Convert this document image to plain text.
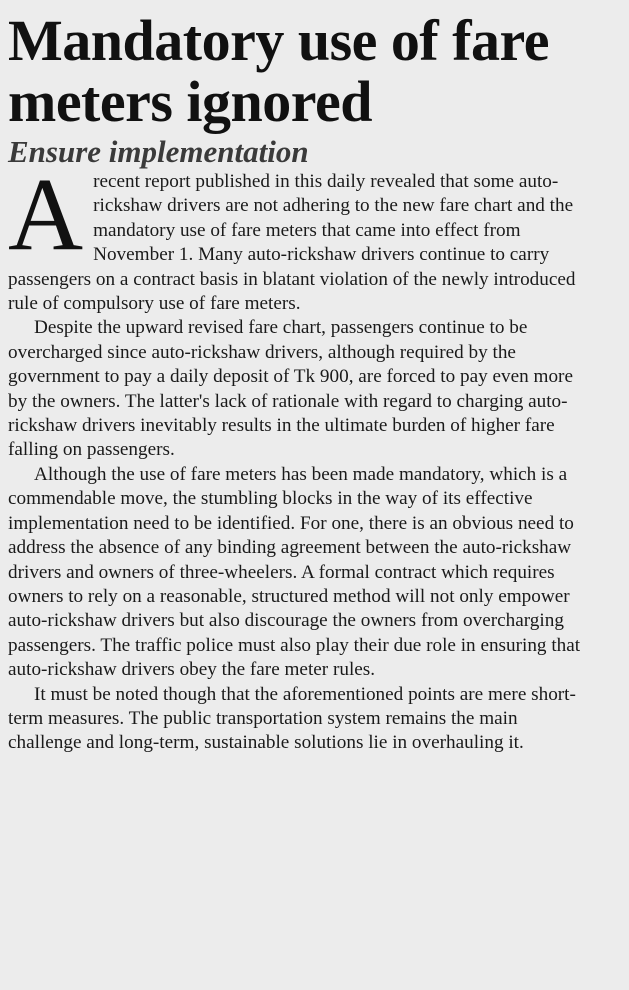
Mandatory use of fare meters ignored
Ensure implementation

A recent report published in this daily revealed that some auto-rickshaw drivers are not adhering to the new fare chart and the mandatory use of fare meters that came into effect from November 1. Many auto-rickshaw drivers continue to carry passengers on a contract basis in blatant violation of the newly introduced rule of compulsory use of fare meters.

Despite the upward revised fare chart, passengers continue to be overcharged since auto-rickshaw drivers, although required by the government to pay a daily deposit of Tk 900, are forced to pay even more by the owners. The latter's lack of rationale with regard to charging auto-rickshaw drivers inevitably results in the ultimate burden of higher fare falling on passengers.

Although the use of fare meters has been made mandatory, which is a commendable move, the stumbling blocks in the way of its effective implementation need to be identified. For one, there is an obvious need to address the absence of any binding agreement between the auto-rickshaw drivers and owners of three-wheelers. A formal contract which requires owners to rely on a reasonable, structured method will not only empower auto-rickshaw drivers but also discourage the owners from overcharging passengers. The traffic police must also play their due role in ensuring that auto-rickshaw drivers obey the fare meter rules.

It must be noted though that the aforementioned points are mere short-term measures. The public transportation system remains the main challenge and long-term, sustainable solutions lie in overhauling it.
